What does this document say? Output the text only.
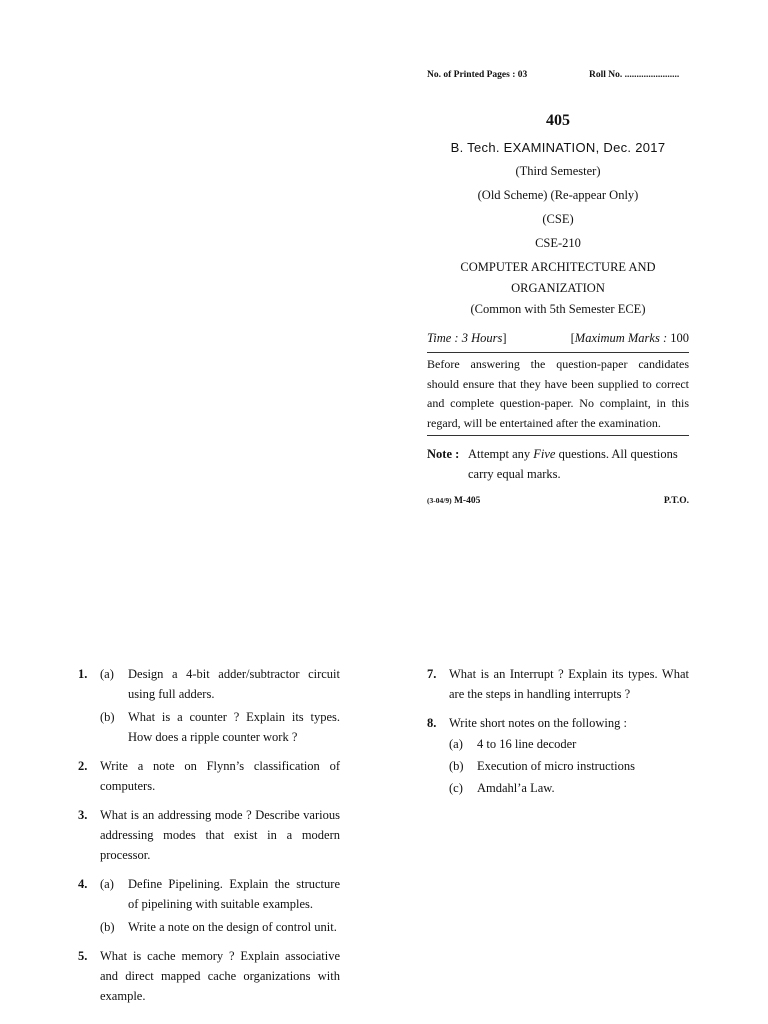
No. of Printed Pages : 03	Roll No. .......................
405
B. Tech. EXAMINATION, Dec. 2017
(Third Semester)
(Old Scheme) (Re-appear Only)
(CSE)
CSE-210
COMPUTER ARCHITECTURE AND
ORGANIZATION
(Common with 5th Semester ECE)
Time : 3 Hours]	[Maximum Marks : 100
Before answering the question-paper candidates should ensure that they have been supplied to correct and complete question-paper. No complaint, in this regard, will be entertained after the examination.
Note : Attempt any Five questions. All questions carry equal marks.
(3-04/9) M-405	P.T.O.
1. (a) Design a 4-bit adder/subtractor circuit using full adders.
(b) What is a counter ? Explain its types. How does a ripple counter work ?
2. Write a note on Flynn’s classification of computers.
3. What is an addressing mode ? Describe various addressing modes that exist in a modern processor.
4. (a) Define Pipelining. Explain the structure of pipelining with suitable examples.
(b) Write a note on the design of control unit.
5. What is cache memory ? Explain associative and direct mapped cache organizations with example.
7. What is an Interrupt ? Explain its types. What are the steps in handling interrupts ?
8. Write short notes on the following :
(a) 4 to 16 line decoder
(b) Execution of micro instructions
(c) Amdahl’a Law.
